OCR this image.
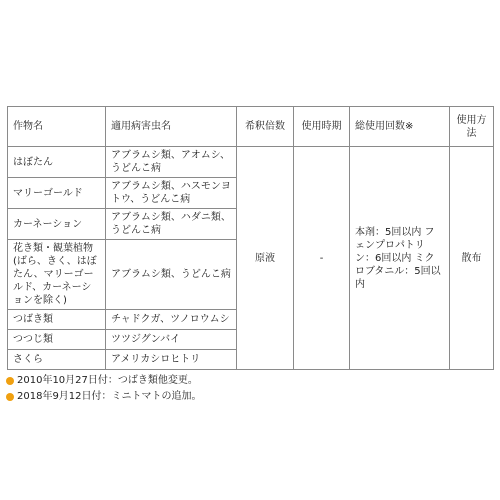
作物名	適用病害虫名	希釈倍数	使用時期	総使用回数※	使用方法
はぼたん	アブラムシ類、アオムシ、うどんこ病	原液	-	本剤：5回以内 フェンプロパトリン：6回以内 ミクロブタニル：5回以内	散布
マリーゴールド	アブラムシ類、ハスモンヨトウ、うどんこ病				
カーネーション	アブラムシ類、ハダニ類、うどんこ病				
花き類・観葉植物(ばら、きく、はぼたん、マリーゴールド、カーネーションを除く)	アブラムシ類、うどんこ病				
つばき類	チャドクガ、ツノロウムシ				
つつじ類	ツツジグンバイ				
さくら	アメリカシロヒトリ				
2010年10月27日付：つばき類他変更。
2018年9月12日付：ミニトマトの追加。
